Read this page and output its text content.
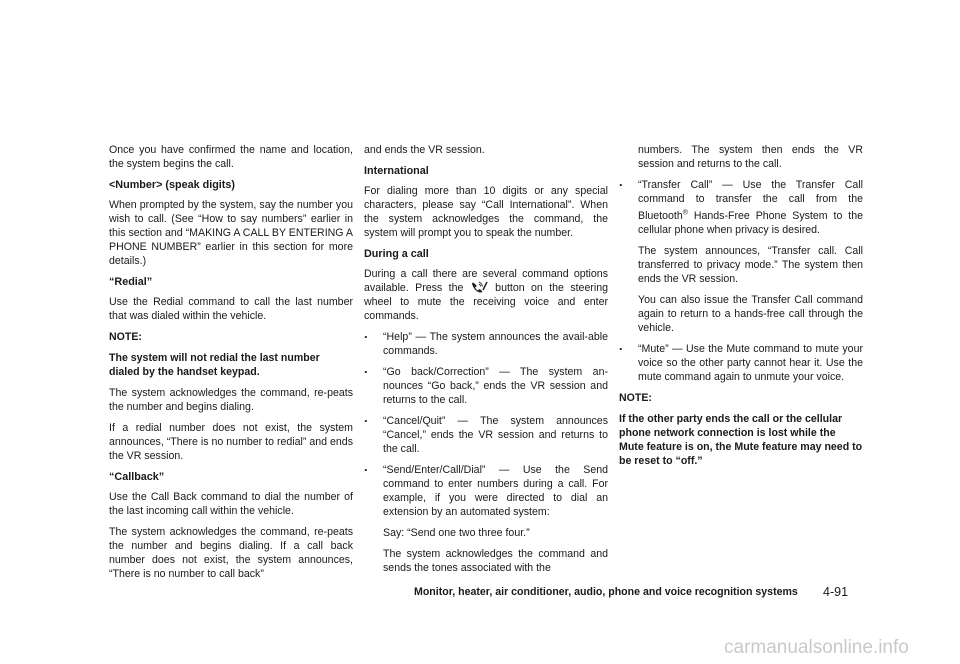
Once you have confirmed the name and location, the system begins the call.

<Number> (speak digits)

When prompted by the system, say the number you wish to call. (See “How to say numbers” earlier in this section and “MAKING A CALL BY ENTERING A PHONE NUMBER” earlier in this section for more details.)

“Redial”

Use the Redial command to call the last number that was dialed within the vehicle.

NOTE:
The system will not redial the last number dialed by the handset keypad.

The system acknowledges the command, re-peats the number and begins dialing.

If a redial number does not exist, the system announces, “There is no number to redial” and ends the VR session.

“Callback”

Use the Call Back command to dial the number of the last incoming call within the vehicle.

The system acknowledges the command, re-peats the number and begins dialing. If a call back number does not exist, the system announces, “There is no number to call back”

and ends the VR session.

International

For dialing more than 10 digits or any special characters, please say “Call International”. When the system acknowledges the command, the system will prompt you to speak the number.

During a call

During a call there are several command options available. Press the	button on the steering wheel to mute the receiving voice and enter commands.

. “Help” — The system announces the avail-able commands.
. “Go back/Correction” — The system an-nounces “Go back,” ends the VR session and returns to the call.
. “Cancel/Quit” — The system announces “Cancel,” ends the VR session and returns to the call.
. “Send/Enter/Call/Dial” — Use the Send command to enter numbers during a call. For example, if you were directed to dial an extension by an automated system:

Say: “Send one two three four.”

The system acknowledges the command and sends the tones associated with the

numbers. The system then ends the VR session and returns to the call.

. “Transfer Call” — Use the Transfer Call command to transfer the call from the Bluetooth® Hands-Free Phone System to the cellular phone when privacy is desired.

The system announces, “Transfer call. Call transferred to privacy mode.” The system then ends the VR session.

You can also issue the Transfer Call command again to return to a hands-free call through the vehicle.

. “Mute” — Use the Mute command to mute your voice so the other party cannot hear it. Use the mute command again to unmute your voice.
NOTE:
If the other party ends the call or the cellular phone network connection is lost while the Mute feature is on, the Mute feature may need to be reset to “off.”
Monitor, heater, air conditioner, audio, phone and voice recognition systems 4-91
carmanualsonline.info
